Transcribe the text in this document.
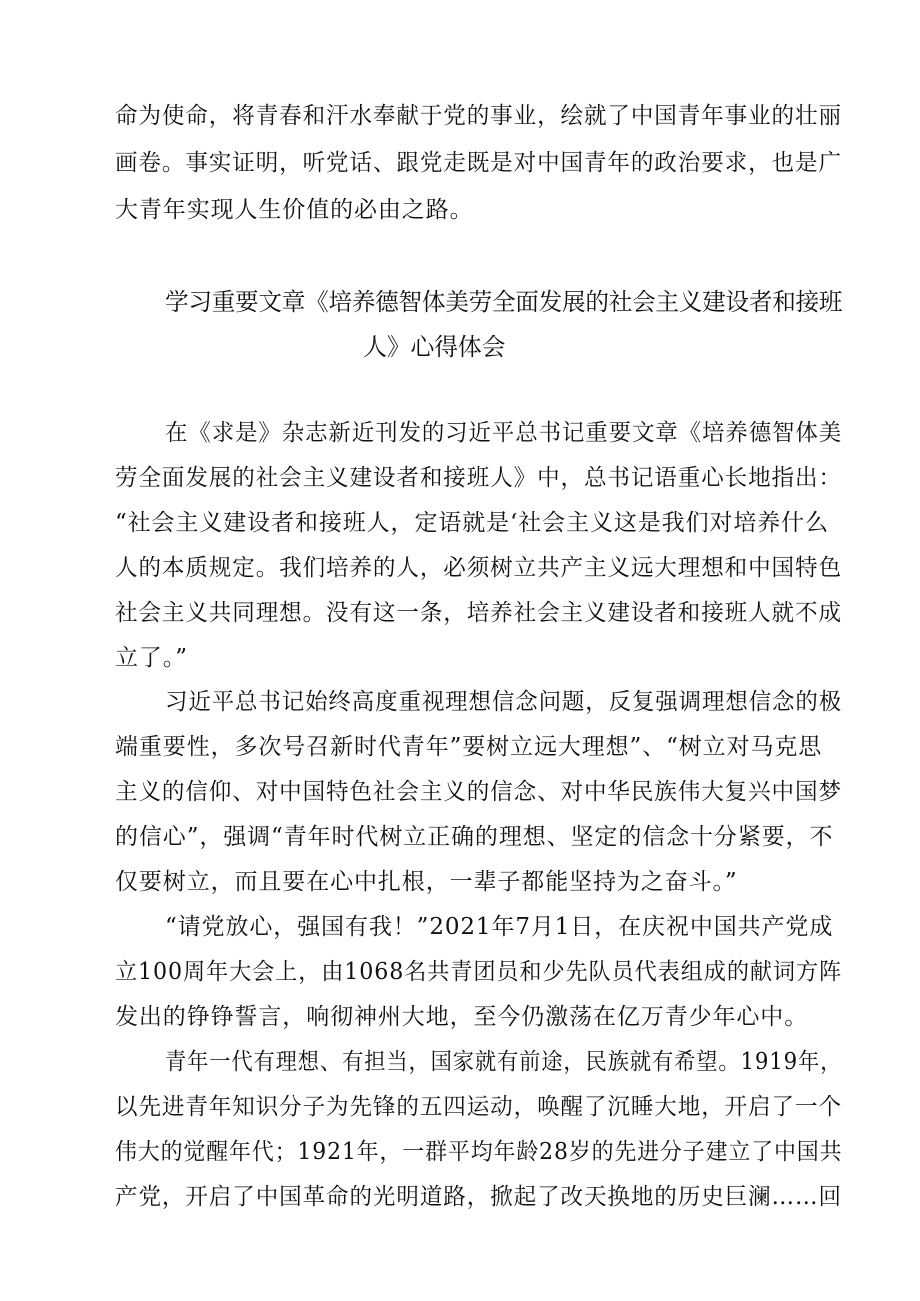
命为使命，将青春和汗水奉献于党的事业，绘就了中国青年事业的壮丽
画卷。事实证明，听党话、跟党走既是对中国青年的政治要求，也是广
大青年实现人生价值的必由之路。
学习重要文章《培养德智体美劳全面发展的社会主义建设者和接班
人》心得体会
在《求是》杂志新近刊发的习近平总书记重要文章《培养德智体美
劳全面发展的社会主义建设者和接班人》中，总书记语重心长地指出：
“社会主义建设者和接班人，定语就是‘社会主义这是我们对培养什么
人的本质规定。我们培养的人，必须树立共产主义远大理想和中国特色
社会主义共同理想。没有这一条，培养社会主义建设者和接班人就不成
立了。”
习近平总书记始终高度重视理想信念问题，反复强调理想信念的极
端重要性，多次号召新时代青年”要树立远大理想”、“树立对马克思
主义的信仰、对中国特色社会主义的信念、对中华民族伟大复兴中国梦
的信心”，强调“青年时代树立正确的理想、坚定的信念十分紧要，不
仅要树立，而且要在心中扎根，一辈子都能坚持为之奋斗。”
“请党放心，强国有我！”2021年7月1日，在庆祝中国共产党成
立100周年大会上，由1068名共青团员和少先队员代表组成的献词方阵
发出的铮铮誓言，响彻神州大地，至今仍激荡在亿万青少年心中。
青年一代有理想、有担当，国家就有前途，民族就有希望。1919年，
以先进青年知识分子为先锋的五四运动，唤醒了沉睡大地，开启了一个
伟大的觉醒年代；1921年，一群平均年龄28岁的先进分子建立了中国共
产党，开启了中国革命的光明道路，掀起了改天换地的历史巨澜……回
